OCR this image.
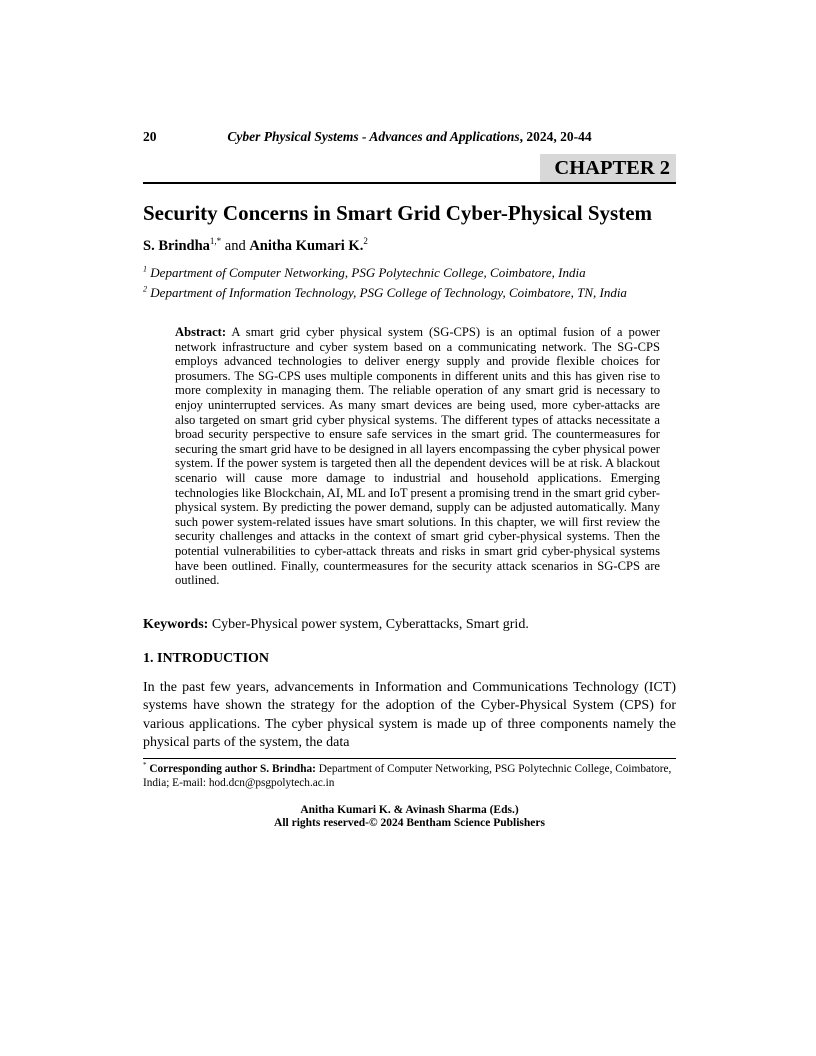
20	Cyber Physical Systems - Advances and Applications, 2024, 20-44
CHAPTER 2
Security Concerns in Smart Grid Cyber-Physical System
S. Brindha$^{1,*}$ and Anitha Kumari K.$^2$
$^1$ Department of Computer Networking, PSG Polytechnic College, Coimbatore, India
$^2$ Department of Information Technology, PSG College of Technology, Coimbatore, TN, India

Abstract: A smart grid cyber physical system (SG-CPS) is an optimal fusion of a power network infrastructure and cyber system based on a communicating network. The SG-CPS employs advanced technologies to deliver energy supply and provide flexible choices for prosumers. The SG-CPS uses multiple components in different units and this has given rise to more complexity in managing them. The reliable operation of any smart grid is necessary to enjoy uninterrupted services. As many smart devices are being used, more cyber-attacks are also targeted on smart grid cyber physical systems. The different types of attacks necessitate a broad security perspective to ensure safe services in the smart grid. The countermeasures for securing the smart grid have to be designed in all layers encompassing the cyber physical power system. If the power system is targeted then all the dependent devices will be at risk. A blackout scenario will cause more damage to industrial and household applications. Emerging technologies like Blockchain, AI, ML and IoT present a promising trend in the smart grid cyber-physical system. By predicting the power demand, supply can be adjusted automatically. Many such power system-related issues have smart solutions. In this chapter, we will first review the security challenges and attacks in the context of smart grid cyber-physical systems. Then the potential vulnerabilities to cyber-attack threats and risks in smart grid cyber-physical systems have been outlined. Finally, countermeasures for the security attack scenarios in SG-CPS are outlined.

Keywords: Cyber-Physical power system, Cyberattacks, Smart grid.

1. INTRODUCTION

In the past few years, advancements in Information and Communications Technology (ICT) systems have shown the strategy for the adoption of the Cyber-Physical System (CPS) for various applications. The cyber physical system is made up of three components namely the physical parts of the system, the data

* Corresponding author S. Brindha: Department of Computer Networking, PSG Polytechnic College, Coimbatore, India; E-mail: hod.dcn@psgpolytech.ac.in

Anitha Kumari K. & Avinash Sharma (Eds.)
All rights reserved-© 2024 Bentham Science Publishers
